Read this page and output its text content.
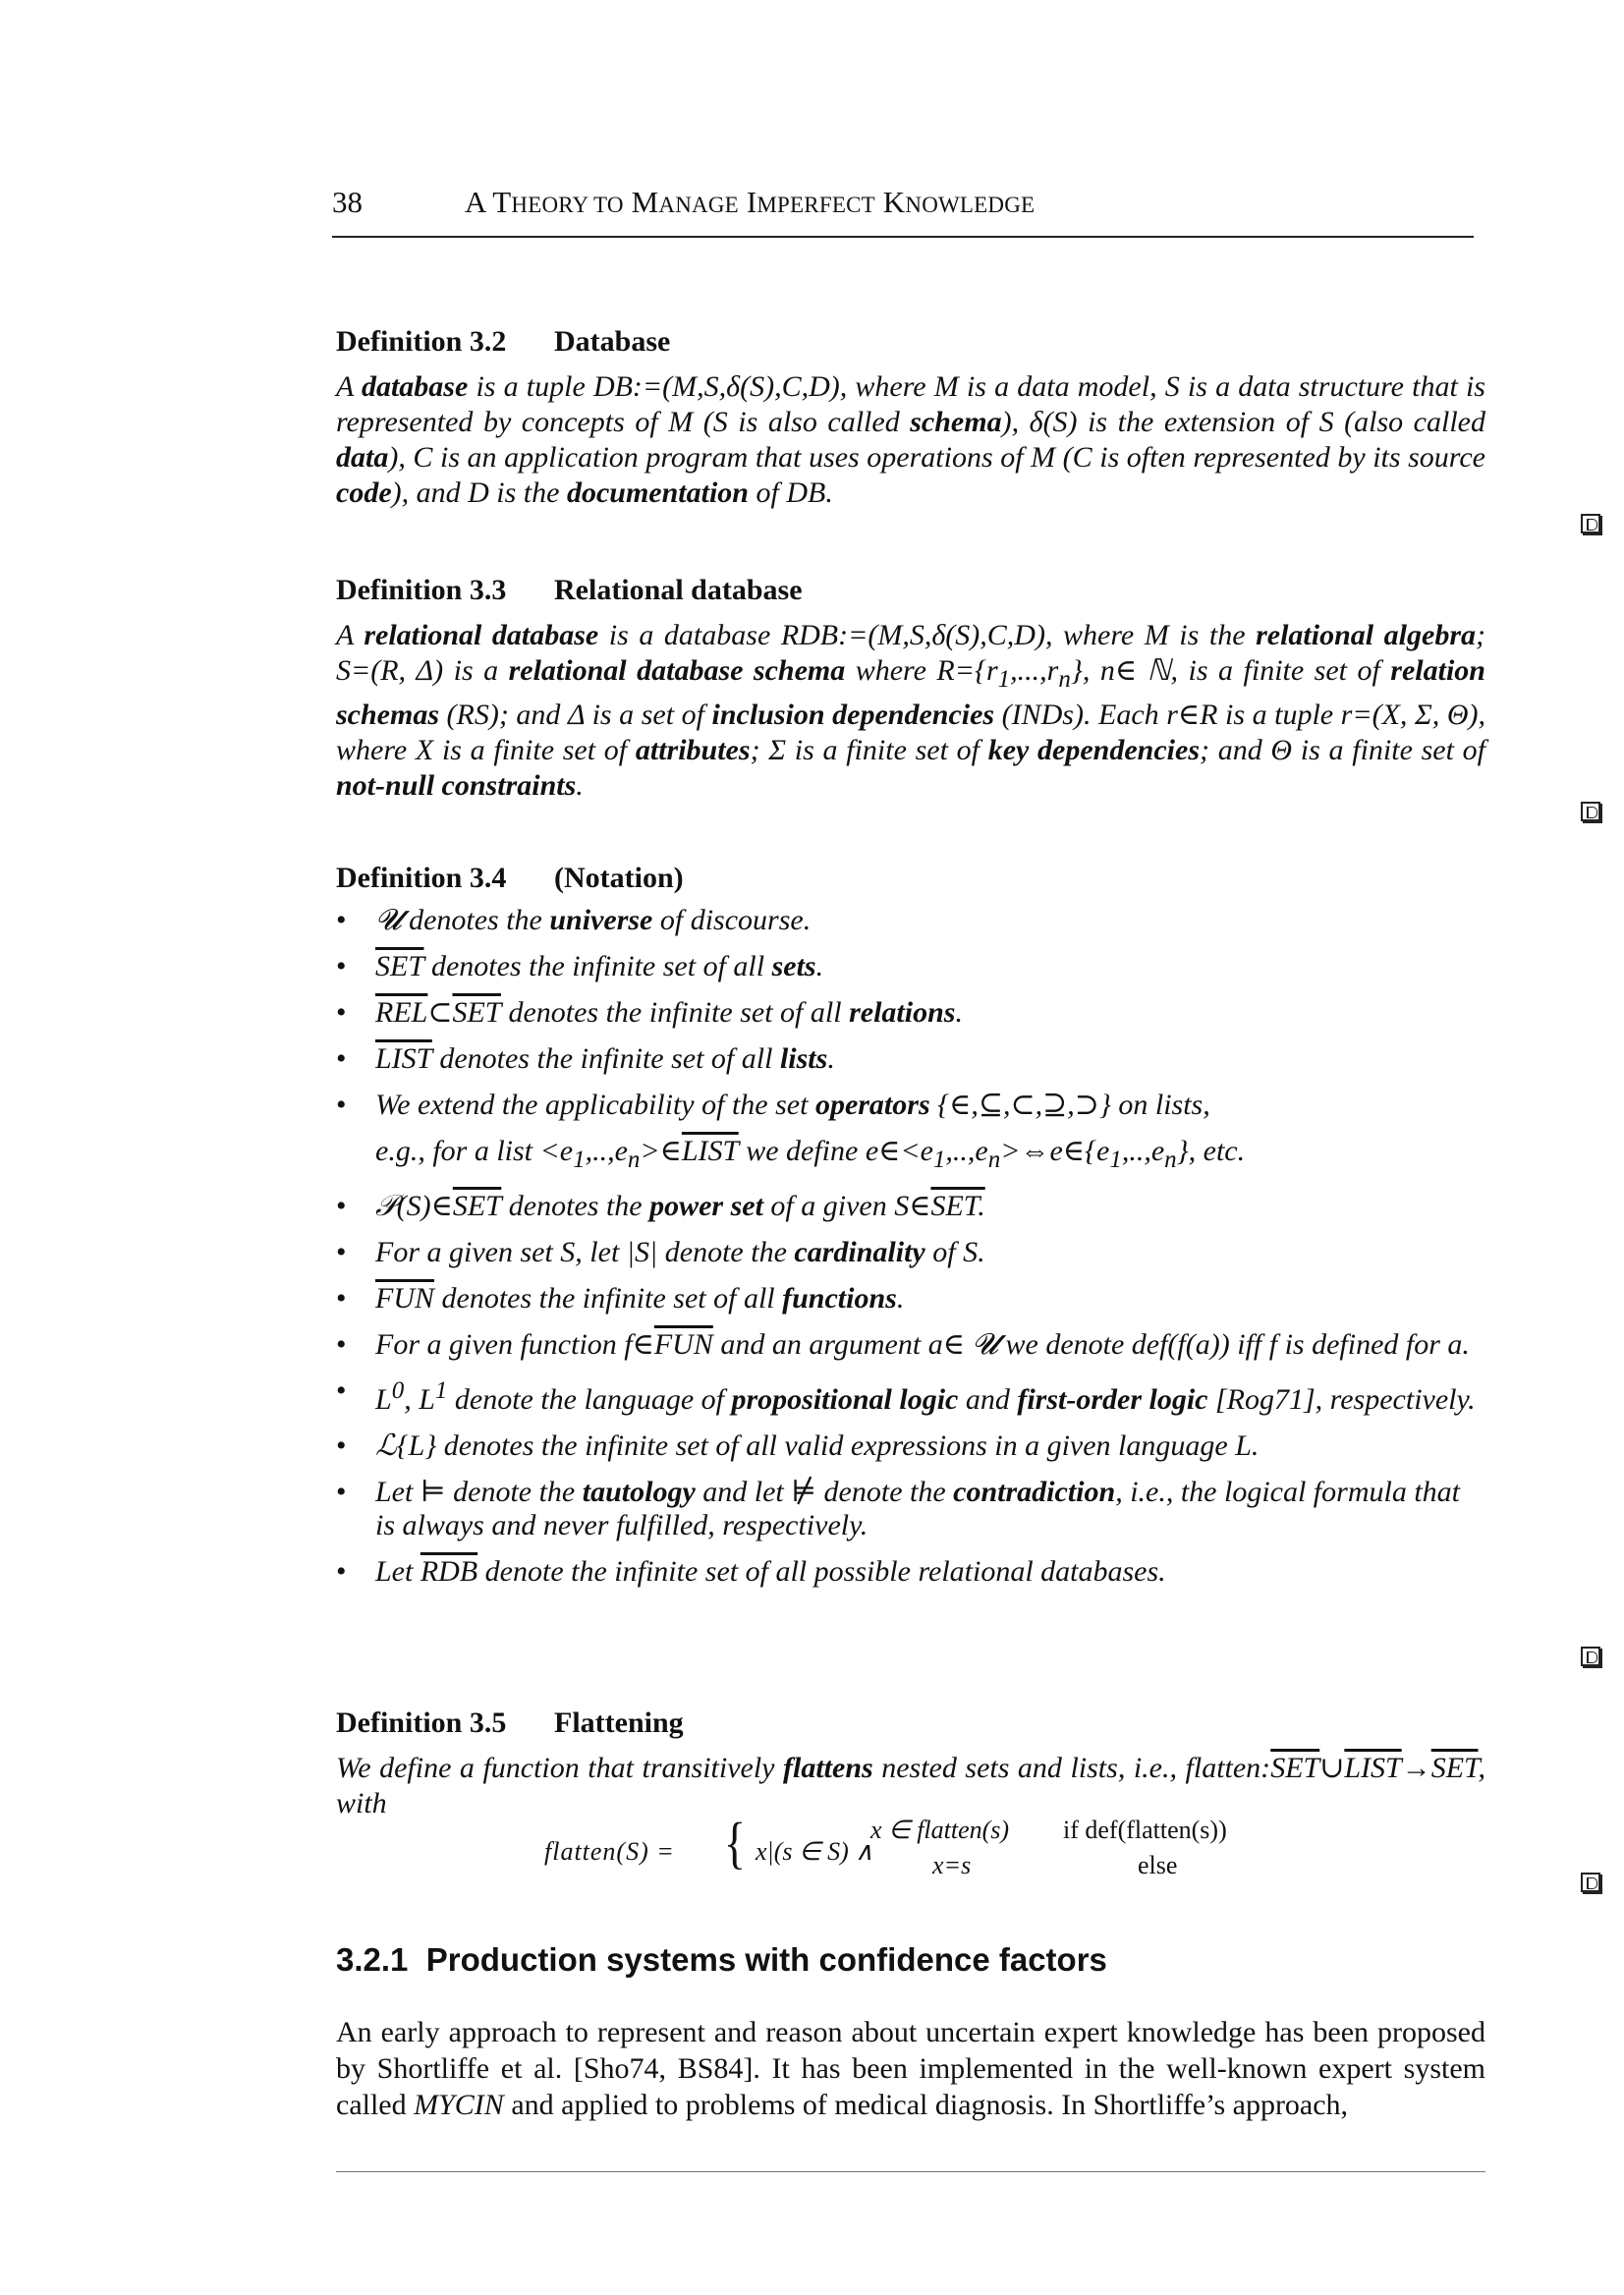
38	A THEORY TO MANAGE IMPERFECT KNOWLEDGE
Definition 3.2 Database

A database is a tuple DB:=(M,S,δ(S),C,D), where M is a data model, S is a data structure that is represented by concepts of M (S is also called schema), δ(S) is the extension of S (also called data), C is an application program that uses operations of M (C is often represented by its source code), and D is the documentation of DB.

Definition 3.3 Relational database

A relational database is a database RDB:=(M,S,δ(S),C,D), where M is the relational algebra; S=(R, Δ) is a relational database schema where $R=\{r_1,...,r_n\}$, n∈ ℕ, is a finite set of relation schemas (RS); and Δ is a set of inclusion dependencies (INDs). Each r∈R is a tuple r=(X, Σ, Θ), where X is a finite set of attributes; Σ is a finite set of key dependencies; and Θ is a finite set of not-null constraints.

Definition 3.4 (Notation)
• 𝓤 denotes the universe of discourse.
• $\overline{SET}$ denotes the infinite set of all sets.
• $\overline{REL}\subset\overline{SET}$ denotes the infinite set of all relations.
• LIST denotes the infinite set of all lists.
• We extend the applicability of the set operators {∈,⊆,⊂,⊇,⊃} on lists,
e.g., for a list $<e_1,..,e_n>\in LIST$ we define $e\in<e_1,..,e_n>\Leftrightarrow e\in\{e_1,..,e_n\}$, etc.
• $𝒫(S)\in\overline{SET}$ denotes the power set of a given S∈SET.
• For a given set S, let |S| denote the cardinality of S.
• $\overline{FUN}$ denotes the infinite set of all functions.
• For a given function $f\in\overline{FUN}$ and an argument a∈ 𝓤 we denote def(f(a)) iff f is defined for a.
• $L^0$, $L^1$ denote the language of propositional logic and first-order logic [Rog71], respectively.
• ℒ{L} denotes the infinite set of all valid expressions in a given language L.
• Let ⊨ denote the tautology and let ⊭ denote the contradiction, i.e., the logical formula that is always and never fulfilled, respectively.
• Let $\overline{RDB}$ denote the infinite set of all possible relational databases.
Definition 3.5 Flattening

We define a function that transitively flattens nested sets and lists, i.e., $flatten:\overline{SET}\cup LIST\to\overline{SET}$, with

flatten(S) = { x|(s ∈ S) ∧
x ∈ flatten(s) if def(flatten(s))
x=s	else
3.2.1 Production systems with confidence factors

An early approach to represent and reason about uncertain expert knowledge has been proposed by Shortliffe et al. [Sho74, BS84]. It has been implemented in the well-known expert system called MYCIN and applied to problems of medical diagnosis. In Shortliffe’s approach,
